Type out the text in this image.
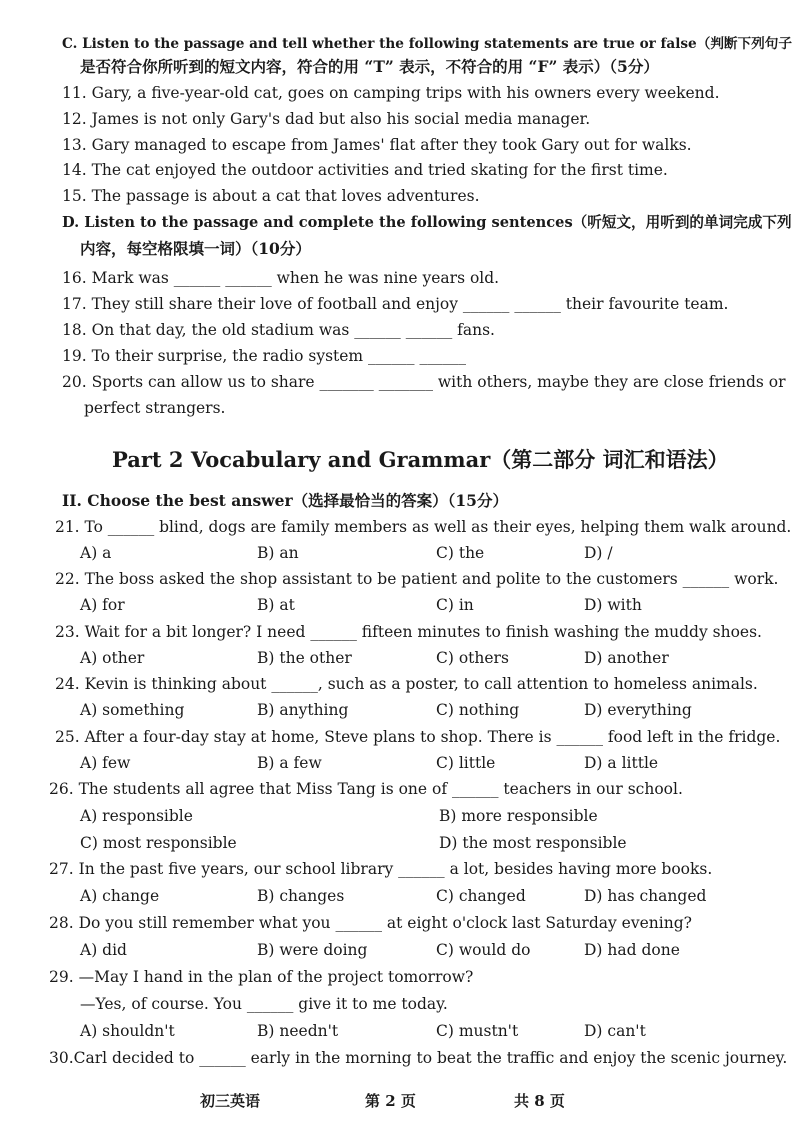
C. Listen to the passage and tell whether the following statements are true or false（判断下列句子
是否符合你所听到的短文内容，符合的用 “T” 表示，不符合的用 “F” 表示）（5分）
11. Gary, a five-year-old cat, goes on camping trips with his owners every weekend.
12. James is not only Gary's dad but also his social media manager.
13. Gary managed to escape from James' flat after they took Gary out for walks.
14. The cat enjoyed the outdoor activities and tried skating for the first time.
15. The passage is about a cat that loves adventures.
D. Listen to the passage and complete the following sentences（听短文，用听到的单词完成下列
内容，每空格限填一词）（10分）
16. Mark was ______ ______ when he was nine years old.
17. They still share their love of football and enjoy ______ ______ their favourite team.
18. On that day, the old stadium was ______ ______ fans.
19. To their surprise, the radio system ______ ______
20. Sports can allow us to share _______ _______ with others, maybe they are close friends or
perfect strangers.
Part 2 Vocabulary and Grammar（第二部分 词汇和语法）
II. Choose the best answer（选择最恰当的答案）（15分）
21. To ______ blind, dogs are family members as well as their eyes, helping them walk around.
A) a	B) an	C) the	D) /
22. The boss asked the shop assistant to be patient and polite to the customers ______ work.
A) for	B) at	C) in	D) with
23. Wait for a bit longer? I need ______ fifteen minutes to finish washing the muddy shoes.
A) other	B) the other	C) others	D) another
24. Kevin is thinking about ______, such as a poster, to call attention to homeless animals.
A) something	B) anything	C) nothing	D) everything
25. After a four-day stay at home, Steve plans to shop. There is ______ food left in the fridge.
A) few	B) a few	C) little	D) a little
26. The students all agree that Miss Tang is one of ______ teachers in our school.
A) responsible	B) more responsible
C) most responsible	D) the most responsible
27. In the past five years, our school library ______ a lot, besides having more books.
A) change	B) changes	C) changed	D) has changed
28. Do you still remember what you ______ at eight o'clock last Saturday evening?
A) did	B) were doing	C) would do	D) had done
29. —May I hand in the plan of the project tomorrow?
—Yes, of course. You ______ give it to me today.
A) shouldn't	B) needn't	C) mustn't	D) can't
30.Carl decided to ______ early in the morning to beat the traffic and enjoy the scenic journey.
初三英语	第 2 页	共 8 页
